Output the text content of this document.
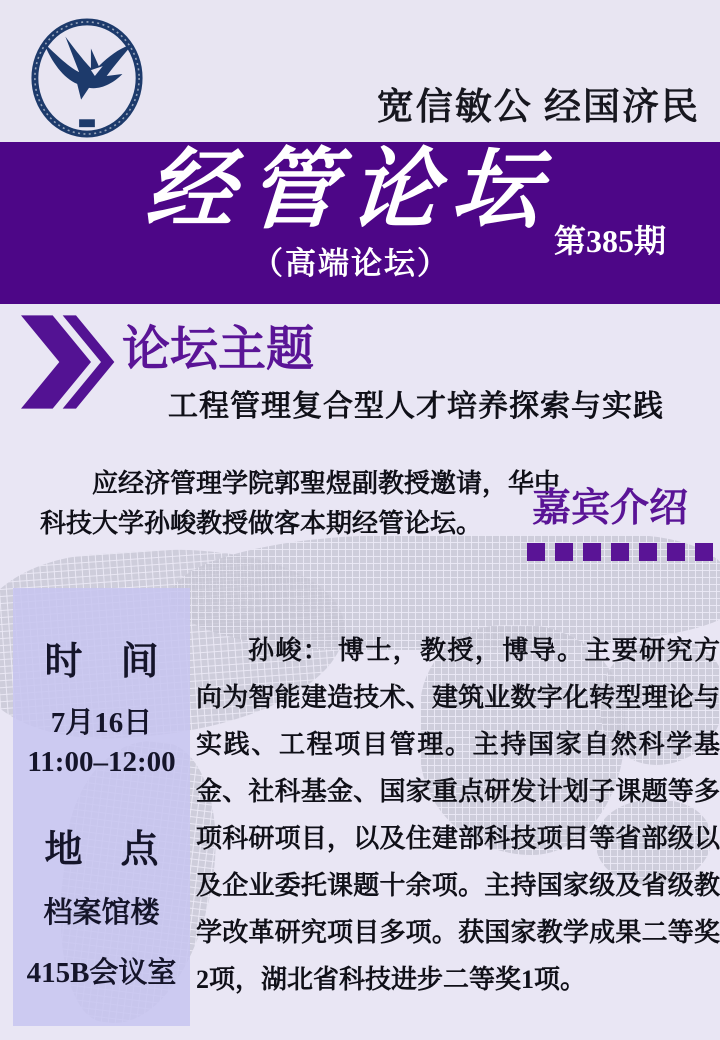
宽信敏公 经国济民
经管论坛
第385期
（高端论坛）
论坛主题
工程管理复合型人才培养探索与实践
应经济管理学院郭聖煜副教授邀请，华中科技大学孙峻教授做客本期经管论坛。	嘉宾介绍
时　间
7月16日
11:00–12:00
地　点
档案馆楼
415B会议室
孙峻： 博士，教授，博导。主要研究方向为智能建造技术、建筑业数字化转型理论与实践、工程项目管理。主持国家自然科学基金、社科基金、国家重点研发计划子课题等多项科研项目，以及住建部科技项目等省部级以及企业委托课题十余项。主持国家级及省级教学改革研究项目多项。获国家教学成果二等奖2项，湖北省科技进步二等奖1项。
